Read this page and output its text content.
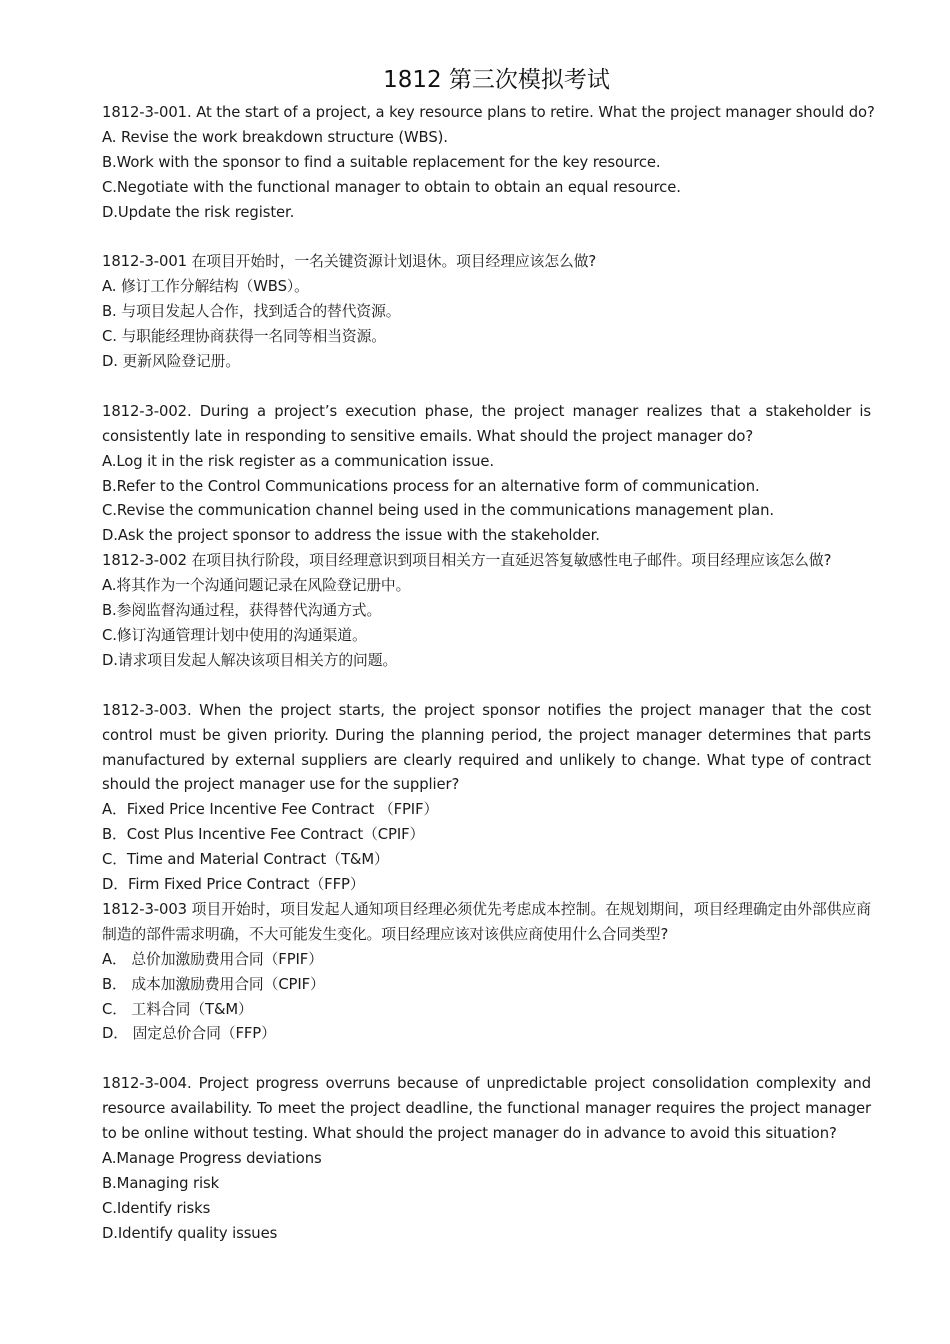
1812 第三次模拟考试

1812-3-001. At the start of a project, a key resource plans to retire. What the project manager should do?

A. Revise the work breakdown structure (WBS).

B.Work with the sponsor to find a suitable replacement for the key resource.

C.Negotiate with the functional manager to obtain to obtain an equal resource.

D.Update the risk register.

1812-3-001 在项目开始时，一名关键资源计划退休。项目经理应该怎么做?

A. 修订工作分解结构（WBS）。

B. 与项目发起人合作，找到适合的替代资源。

C. 与职能经理协商获得一名同等相当资源。

D. 更新风险登记册。

1812-3-002. During a project’s execution phase, the project manager realizes that a stakeholder is consistently late in responding to sensitive emails. What should the project manager do?

A.Log it in the risk register as a communication issue.

B.Refer to the Control Communications process for an alternative form of communication.

C.Revise the communication channel being used in the communications management plan.

D.Ask the project sponsor to address the issue with the stakeholder.

1812-3-002 在项目执行阶段，项目经理意识到项目相关方一直延迟答复敏感性电子邮件。项目经理应该怎么做?

A.将其作为一个沟通问题记录在风险登记册中。

B.参阅监督沟通过程，获得替代沟通方式。

C.修订沟通管理计划中使用的沟通渠道。

D.请求项目发起人解决该项目相关方的问题。

1812-3-003. When the project starts, the project sponsor notifies the project manager that the cost control must be given priority. During the planning period, the project manager determines that parts manufactured by external suppliers are clearly required and unlikely to change. What type of contract should the project manager use for the supplier?

A．Fixed Price Incentive Fee Contract （FPIF）

B．Cost Plus Incentive Fee Contract（CPIF）

C．Time and Material Contract（T&M）

D．Firm Fixed Price Contract（FFP）

1812-3-003 项目开始时，项目发起人通知项目经理必须优先考虑成本控制。在规划期间，项目经理确定由外部供应商制造的部件需求明确，不大可能发生变化。项目经理应该对该供应商使用什么合同类型?

A． 总价加激励费用合同（FPIF）

B． 成本加激励费用合同（CPIF）

C． 工料合同（T&M）

D． 固定总价合同（FFP）

1812-3-004. Project progress overruns because of unpredictable project consolidation complexity and resource availability. To meet the project deadline, the functional manager requires the project manager to be online without testing. What should the project manager do in advance to avoid this situation?

A.Manage Progress deviations

B.Managing risk

C.Identify risks

D.Identify quality issues
